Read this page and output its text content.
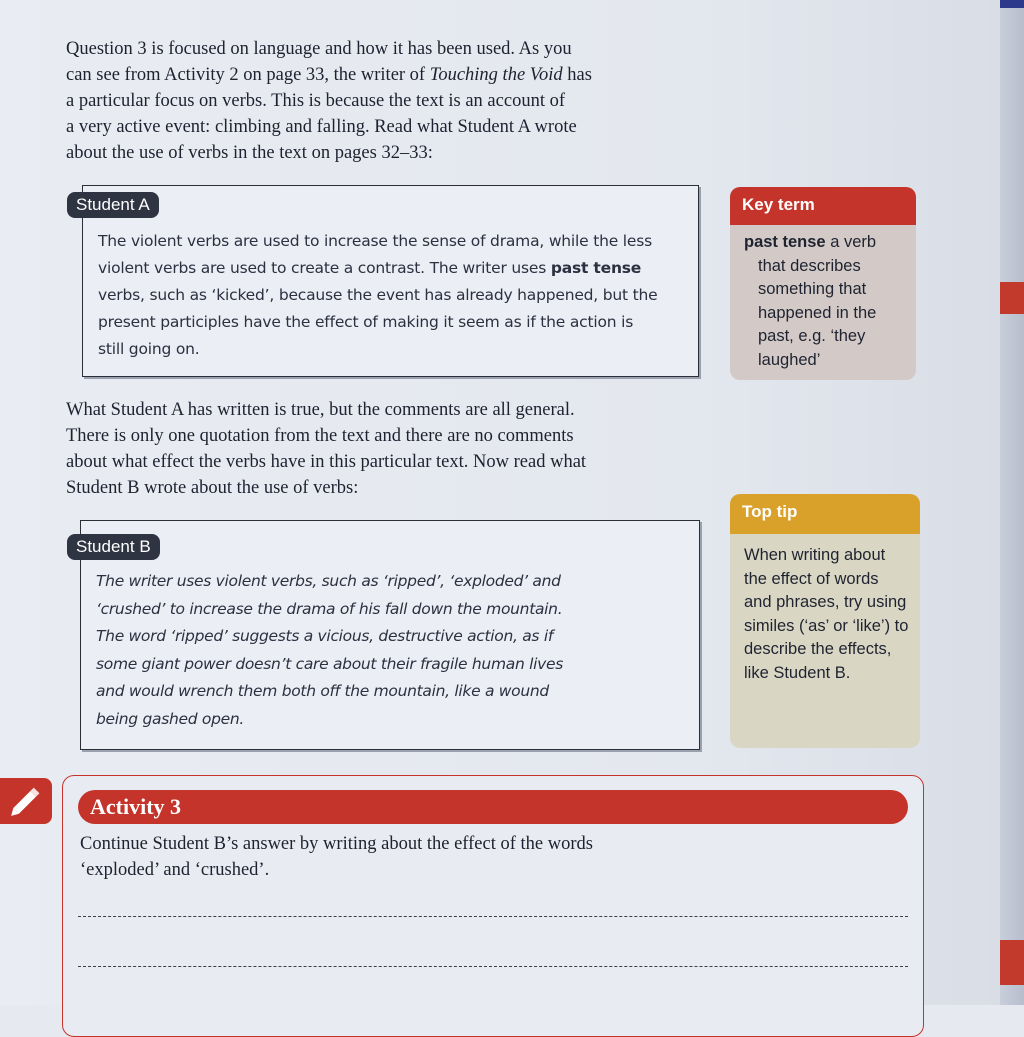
Question 3 is focused on language and how it has been used. As you
can see from Activity 2 on page 33, the writer of Touching the Void has
a particular focus on verbs. This is because the text is an account of
a very active event: climbing and falling. Read what Student A wrote
about the use of verbs in the text on pages 32–33:

Student A
The violent verbs are used to increase the sense of drama, while the less
violent verbs are used to create a contrast. The writer uses past tense
verbs, such as ‘kicked’, because the event has already happened, but the
present participles have the effect of making it seem as if the action is
still going on.
Key term
past tense a verb
that describes
something that
happened in the
past, e.g. ‘they
laughed’

What Student A has written is true, but the comments are all general.
There is only one quotation from the text and there are no comments
about what effect the verbs have in this particular text. Now read what
Student B wrote about the use of verbs:

Top tip
When writing about the effect of words and phrases, try using similes (‘as’ or ‘like’) to describe the effects, like Student B.
Student B
The writer uses violent verbs, such as ‘ripped’, ‘exploded’ and
‘crushed’ to increase the drama of his fall down the mountain.
The word ‘ripped’ suggests a vicious, destructive action, as if
some giant power doesn’t care about their fragile human lives
and would wrench them both off the mountain, like a wound
being gashed open.
Activity 3

Continue Student B’s answer by writing about the effect of the words
‘exploded’ and ‘crushed’.
